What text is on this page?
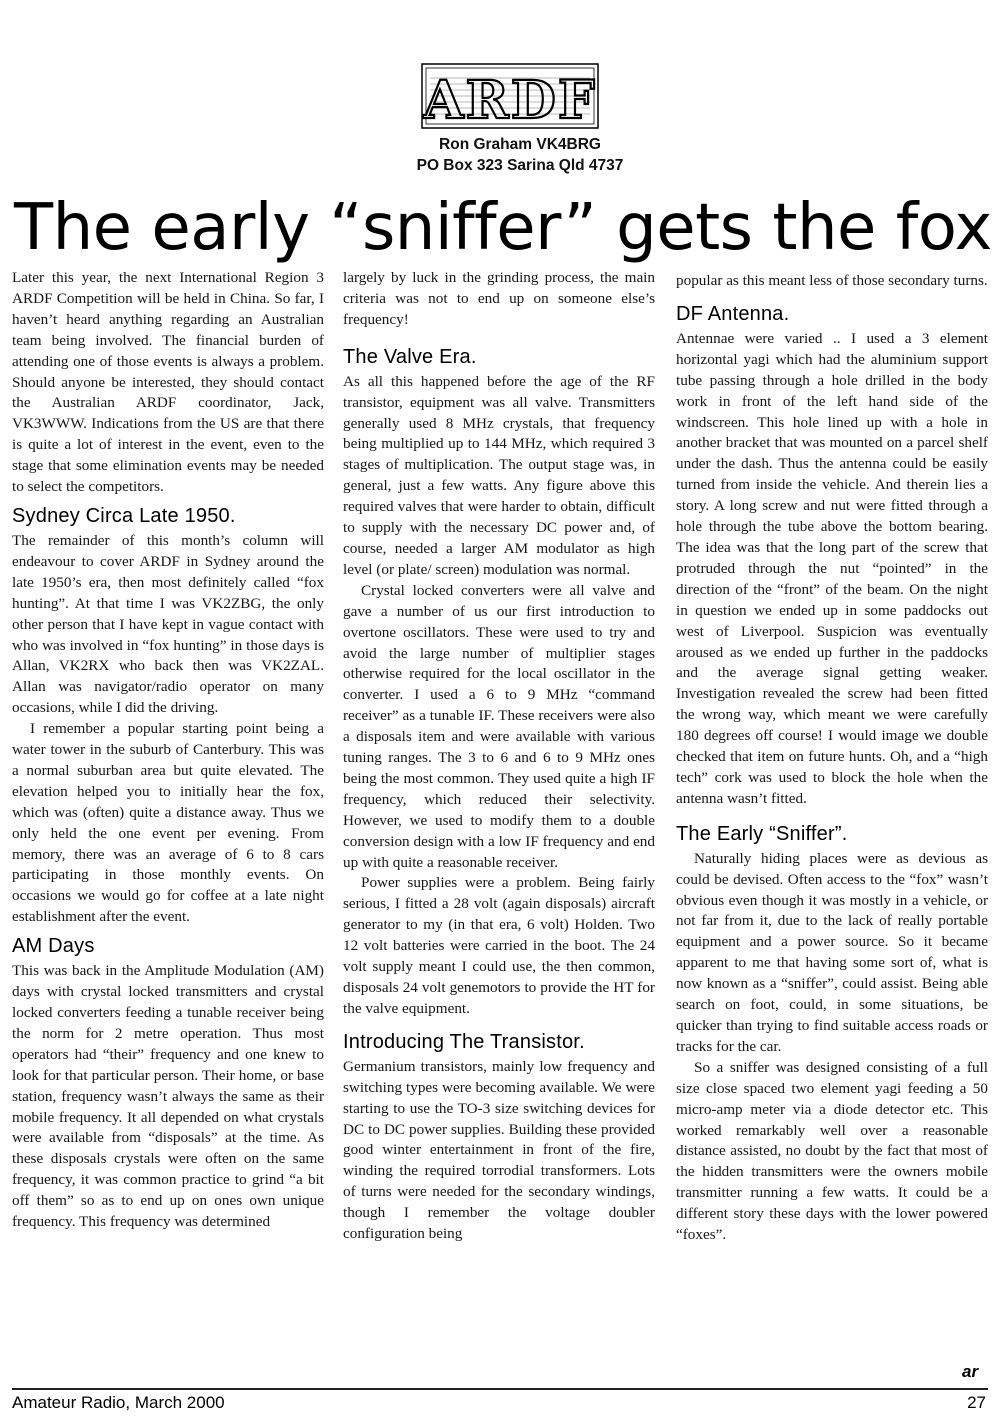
ARDF
Ron Graham VK4BRG
PO Box 323 Sarina Qld 4737
The early “sniffer” gets the fox

Later this year, the next International Region 3 ARDF Competition will be held in China. So far, I haven’t heard anything regarding an Australian team being involved. The financial burden of attending one of those events is always a problem. Should anyone be interested, they should contact the Australian ARDF coordinator, Jack, VK3WWW. Indications from the US are that there is quite a lot of interest in the event, even to the stage that some elimination events may be needed to select the competitors.

Sydney Circa Late 1950.

The remainder of this month’s column will endeavour to cover ARDF in Sydney around the late 1950’s era, then most definitely called “fox hunting”. At that time I was VK2ZBG, the only other person that I have kept in vague contact with who was involved in “fox hunting” in those days is Allan, VK2RX who back then was VK2ZAL. Allan was navigator/radio operator on many occasions, while I did the driving.

I remember a popular starting point being a water tower in the suburb of Canterbury. This was a normal suburban area but quite elevated. The elevation helped you to initially hear the fox, which was (often) quite a distance away. Thus we only held the one event per evening. From memory, there was an average of 6 to 8 cars participating in those monthly events. On occasions we would go for coffee at a late night establishment after the event.

AM Days

This was back in the Amplitude Modulation (AM) days with crystal locked transmitters and crystal locked converters feeding a tunable receiver being the norm for 2 metre operation. Thus most operators had “their” frequency and one knew to look for that particular person. Their home, or base station, frequency wasn’t always the same as their mobile frequency. It all depended on what crystals were available from “disposals” at the time. As these disposals crystals were often on the same frequency, it was common practice to grind “a bit off them” so as to end up on ones own unique frequency. This frequency was determined

largely by luck in the grinding process, the main criteria was not to end up on someone else’s frequency!

The Valve Era.

As all this happened before the age of the RF transistor, equipment was all valve. Transmitters generally used 8 MHz crystals, that frequency being multiplied up to 144 MHz, which required 3 stages of multiplication. The output stage was, in general, just a few watts. Any figure above this required valves that were harder to obtain, difficult to supply with the necessary DC power and, of course, needed a larger AM modulator as high level (or plate/ screen) modulation was normal.

Crystal locked converters were all valve and gave a number of us our first introduction to overtone oscillators. These were used to try and avoid the large number of multiplier stages otherwise required for the local oscillator in the converter. I used a 6 to 9 MHz “command receiver” as a tunable IF. These receivers were also a disposals item and were available with various tuning ranges. The 3 to 6 and 6 to 9 MHz ones being the most common. They used quite a high IF frequency, which reduced their selectivity. However, we used to modify them to a double conversion design with a low IF frequency and end up with quite a reasonable receiver.

Power supplies were a problem. Being fairly serious, I fitted a 28 volt (again disposals) aircraft generator to my (in that era, 6 volt) Holden. Two 12 volt batteries were carried in the boot. The 24 volt supply meant I could use, the then common, disposals 24 volt genemotors to provide the HT for the valve equipment.

Introducing The Transistor.

Germanium transistors, mainly low frequency and switching types were becoming available. We were starting to use the TO-3 size switching devices for DC to DC power supplies. Building these provided good winter entertainment in front of the fire, winding the required torrodial transformers. Lots of turns were needed for the secondary windings, though I remember the voltage doubler configuration being

popular as this meant less of those secondary turns.

DF Antenna.

Antennae were varied .. I used a 3 element horizontal yagi which had the aluminium support tube passing through a hole drilled in the body work in front of the left hand side of the windscreen. This hole lined up with a hole in another bracket that was mounted on a parcel shelf under the dash. Thus the antenna could be easily turned from inside the vehicle. And therein lies a story. A long screw and nut were fitted through a hole through the tube above the bottom bearing. The idea was that the long part of the screw that protruded through the nut “pointed” in the direction of the “front” of the beam. On the night in question we ended up in some paddocks out west of Liverpool. Suspicion was eventually aroused as we ended up further in the paddocks and the average signal getting weaker. Investigation revealed the screw had been fitted the wrong way, which meant we were carefully 180 degrees off course! I would image we double checked that item on future hunts. Oh, and a “high tech” cork was used to block the hole when the antenna wasn’t fitted.

The Early “Sniffer”.

Naturally hiding places were as devious as could be devised. Often access to the “fox” wasn’t obvious even though it was mostly in a vehicle, or not far from it, due to the lack of really portable equipment and a power source. So it became apparent to me that having some sort of, what is now known as a “sniffer”, could assist. Being able search on foot, could, in some situations, be quicker than trying to find suitable access roads or tracks for the car.

So a sniffer was designed consisting of a full size close spaced two element yagi feeding a 50 micro-amp meter via a diode detector etc. This worked remarkably well over a reasonable distance assisted, no doubt by the fact that most of the hidden transmitters were the owners mobile transmitter running a few watts. It could be a different story these days with the lower powered “foxes”.

ar
Amateur Radio, March 2000	27
